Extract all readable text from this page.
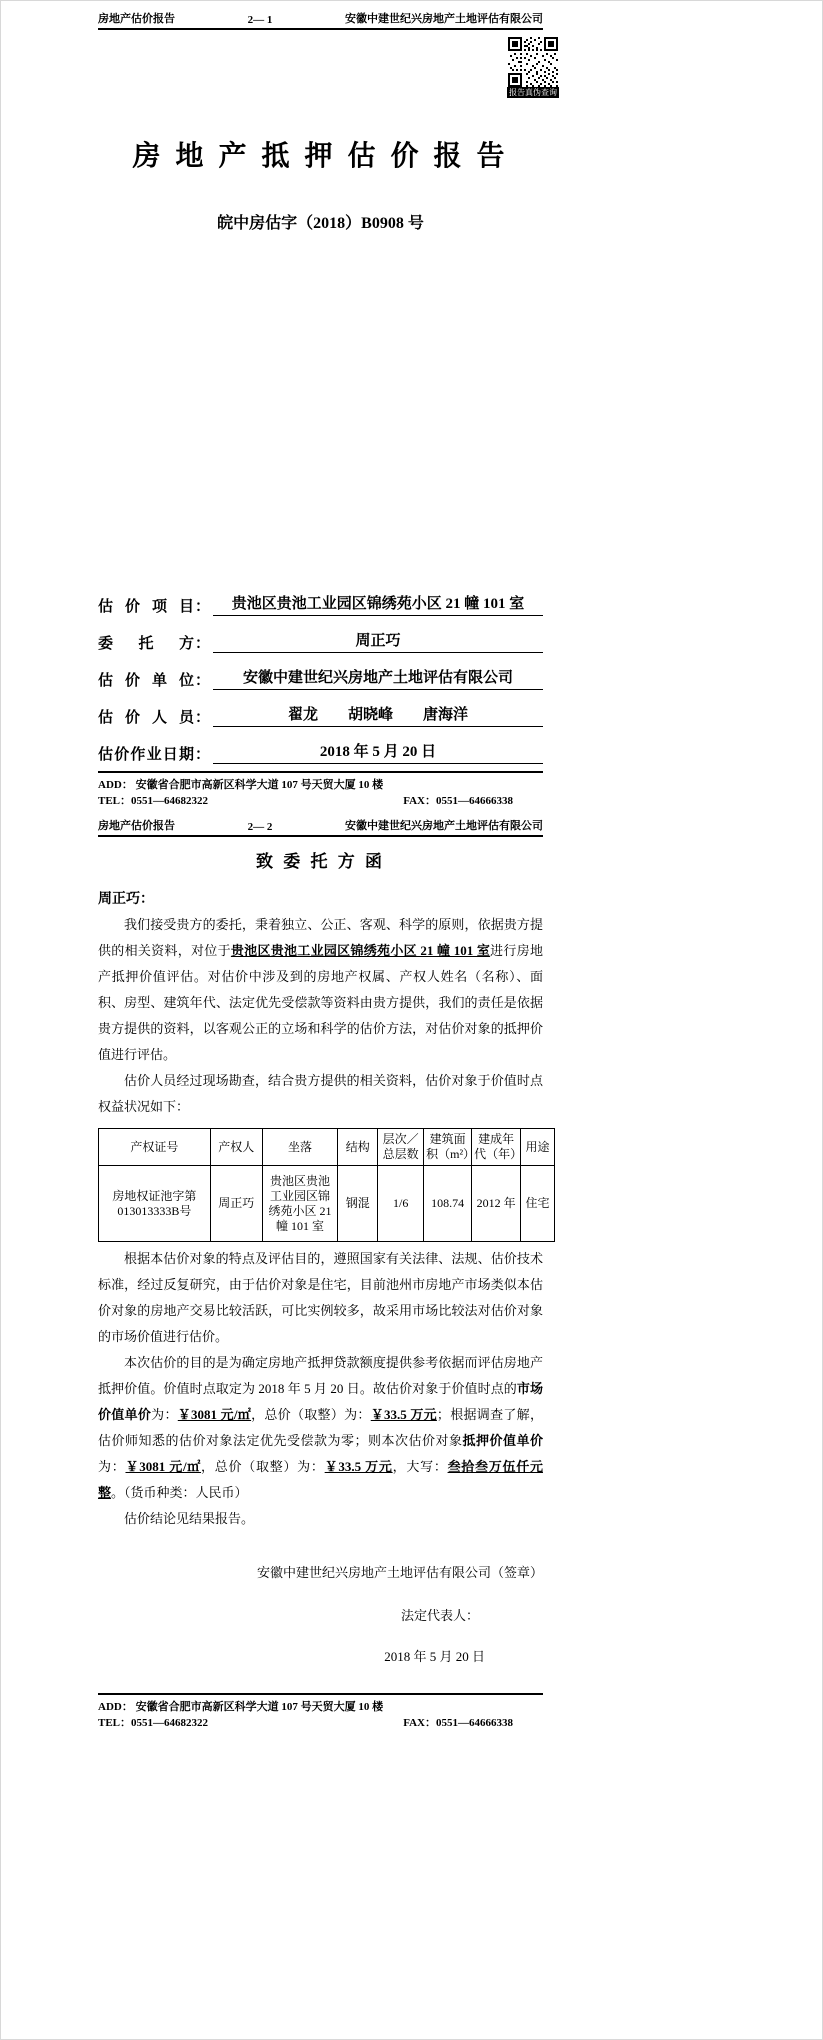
房地产估价报告	2— 1	安徽中建世纪兴房地产土地评估有限公司
报告真伪查询
房 地 产 抵 押 估 价 报 告
皖中房估字（2018）B0908 号
估 价 项 目 ：	贵池区贵池工业园区锦绣苑小区 21 幢 101 室
委 托 方 ：	周正巧
估 价 单 位 ：	安徽中建世纪兴房地产土地评估有限公司
估 价 人 员 ：	翟龙　　胡晓峰　　唐海洋
估价作业日期 ：	2018 年 5 月 20 日
ADD： 安徽省合肥市高新区科学大道 107 号天贸大厦 10 楼
TEL：0551—64682322	FAX：0551—64666338
房地产估价报告	2— 2	安徽中建世纪兴房地产土地评估有限公司
致 委 托 方 函
周正巧：

我们接受贵方的委托，秉着独立、公正、客观、科学的原则，依据贵方提供的相关资料，对位于贵池区贵池工业园区锦绣苑小区 21 幢 101 室进行房地产抵押价值评估。对估价中涉及到的房地产权属、产权人姓名（名称）、面积、房型、建筑年代、法定优先受偿款等资料由贵方提供，我们的责任是依据贵方提供的资料，以客观公正的立场和科学的估价方法，对估价对象的抵押价值进行评估。

估价人员经过现场勘查，结合贵方提供的相关资料，估价对象于价值时点权益状况如下：

产权证号	产权人	坐落	结构	层次／总层数	建筑面积（m²）	建成年代（年）	用途
房地权证池字第013013333B号	周正巧	贵池区贵池工业园区锦绣苑小区 21 幢 101 室	钢混	1/6	108.74	2012 年	住宅

根据本估价对象的特点及评估目的，遵照国家有关法律、法规、估价技术标准，经过反复研究，由于估价对象是住宅，目前池州市房地产市场类似本估价对象的房地产交易比较活跃，可比实例较多，故采用市场比较法对估价对象的市场价值进行估价。

本次估价的目的是为确定房地产抵押贷款额度提供参考依据而评估房地产抵押价值。价值时点取定为 2018 年 5 月 20 日。故估价对象于价值时点的市场价值单价为：￥3081 元/㎡，总价（取整）为：￥33.5 万元；根据调查了解，估价师知悉的估价对象法定优先受偿款为零；则本次估价对象抵押价值单价为：￥3081 元/㎡，总价（取整）为：￥33.5 万元，大写：叁拾叁万伍仟元整。（货币种类：人民币）

估价结论见结果报告。

安徽中建世纪兴房地产土地评估有限公司（签章）
法定代表人：
2018 年 5 月 20 日
ADD： 安徽省合肥市高新区科学大道 107 号天贸大厦 10 楼
TEL：0551—64682322	FAX：0551—64666338
